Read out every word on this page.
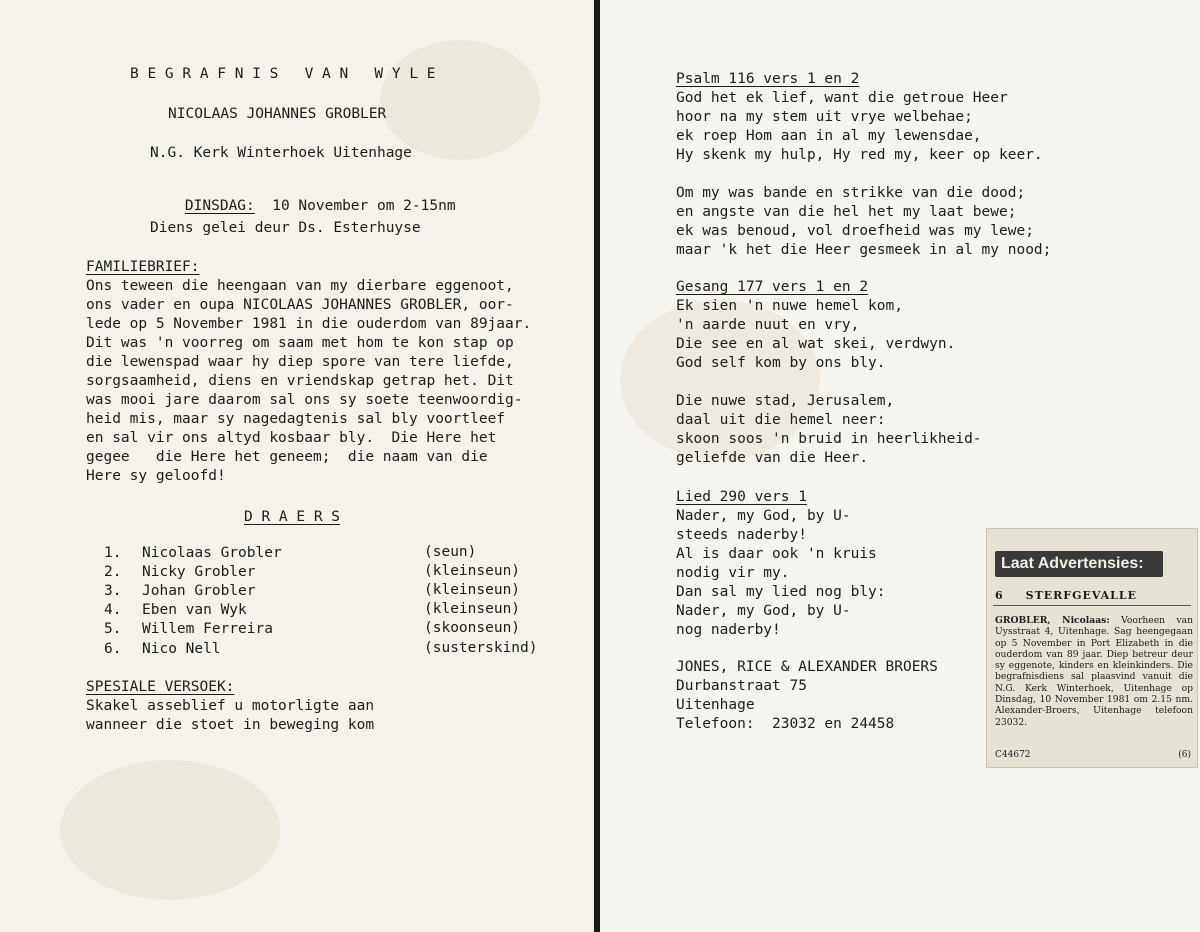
B E G R A F N I S   V A N   W Y L E
NICOLAAS JOHANNES GROBLER
N.G. Kerk Winterhoek Uitenhage

DINSDAG: 10 November om 2-15nm

Diens gelei deur Ds. Esterhuyse
FAMILIEBRIEF:
Ons teween die heengaan van my dierbare eggenoot,
ons vader en oupa NICOLAAS JOHANNES GROBLER, oor-
lede op 5 November 1981 in die ouderdom van 89jaar.
Dit was 'n voorreg om saam met hom te kon stap op
die lewenspad waar hy diep spore van tere liefde,
sorgsaamheid, diens en vriendskap getrap het. Dit
was mooi jare daarom sal ons sy soete teenwoordig-
heid mis, maar sy nagedagtenis sal bly voortleef
en sal vir ons altyd kosbaar bly.  Die Here het
gegee   die Here het geneem;  die naam van die
Here sy geloofd!
D R A E R S
1. Nicolaas Grobler	(seun)
2. Nicky Grobler	(kleinseun)
3. Johan Grobler	(kleinseun)
4. Eben van Wyk	(kleinseun)
5. Willem Ferreira	(skoonseun)
6. Nico Nell	(susterskind)
SPESIALE VERSOEK:
Skakel asseblief u motorligte aan
wanneer die stoet in beweging kom
Psalm 116 vers 1 en 2
God het ek lief, want die getroue Heer
hoor na my stem uit vrye welbehae;
ek roep Hom aan in al my lewensdae,
Hy skenk my hulp, Hy red my, keer op keer.
Om my was bande en strikke van die dood;
en angste van die hel het my laat bewe;
ek was benoud, vol droefheid was my lewe;
maar 'k het die Heer gesmeek in al my nood;
Gesang 177 vers 1 en 2
Ek sien 'n nuwe hemel kom,
'n aarde nuut en vry,
Die see en al wat skei, verdwyn.
God self kom by ons bly.
Die nuwe stad, Jerusalem,
daal uit die hemel neer:
skoon soos 'n bruid in heerlikheid-
geliefde van die Heer.
Lied 290 vers 1
Nader, my God, by U-
steeds naderby!
Al is daar ook 'n kruis
nodig vir my.
Dan sal my lied nog bly:
Nader, my God, by U-
nog naderby!
JONES, RICE & ALEXANDER BROERS
Durbanstraat 75
Uitenhage
Telefoon:  23032 en 24458
Laat Advertensies:
6 STERFGEVALLE
GROBLER, Nicolaas: Voorheen van Uysstraat 4, Uitenhage. Sag heengegaan op 5 November in Port Elizabeth in die ouderdom van 89 jaar. Diep betreur deur sy eggenote, kinders en kleinkinders. Die begrafnisdiens sal plaasvind vanuit die N.G. Kerk Winterhoek, Uitenhage op Dinsdag, 10 November 1981 om 2.15 nm. Alexander-Broers, Uitenhage telefoon 23032.
C44672	(6)
